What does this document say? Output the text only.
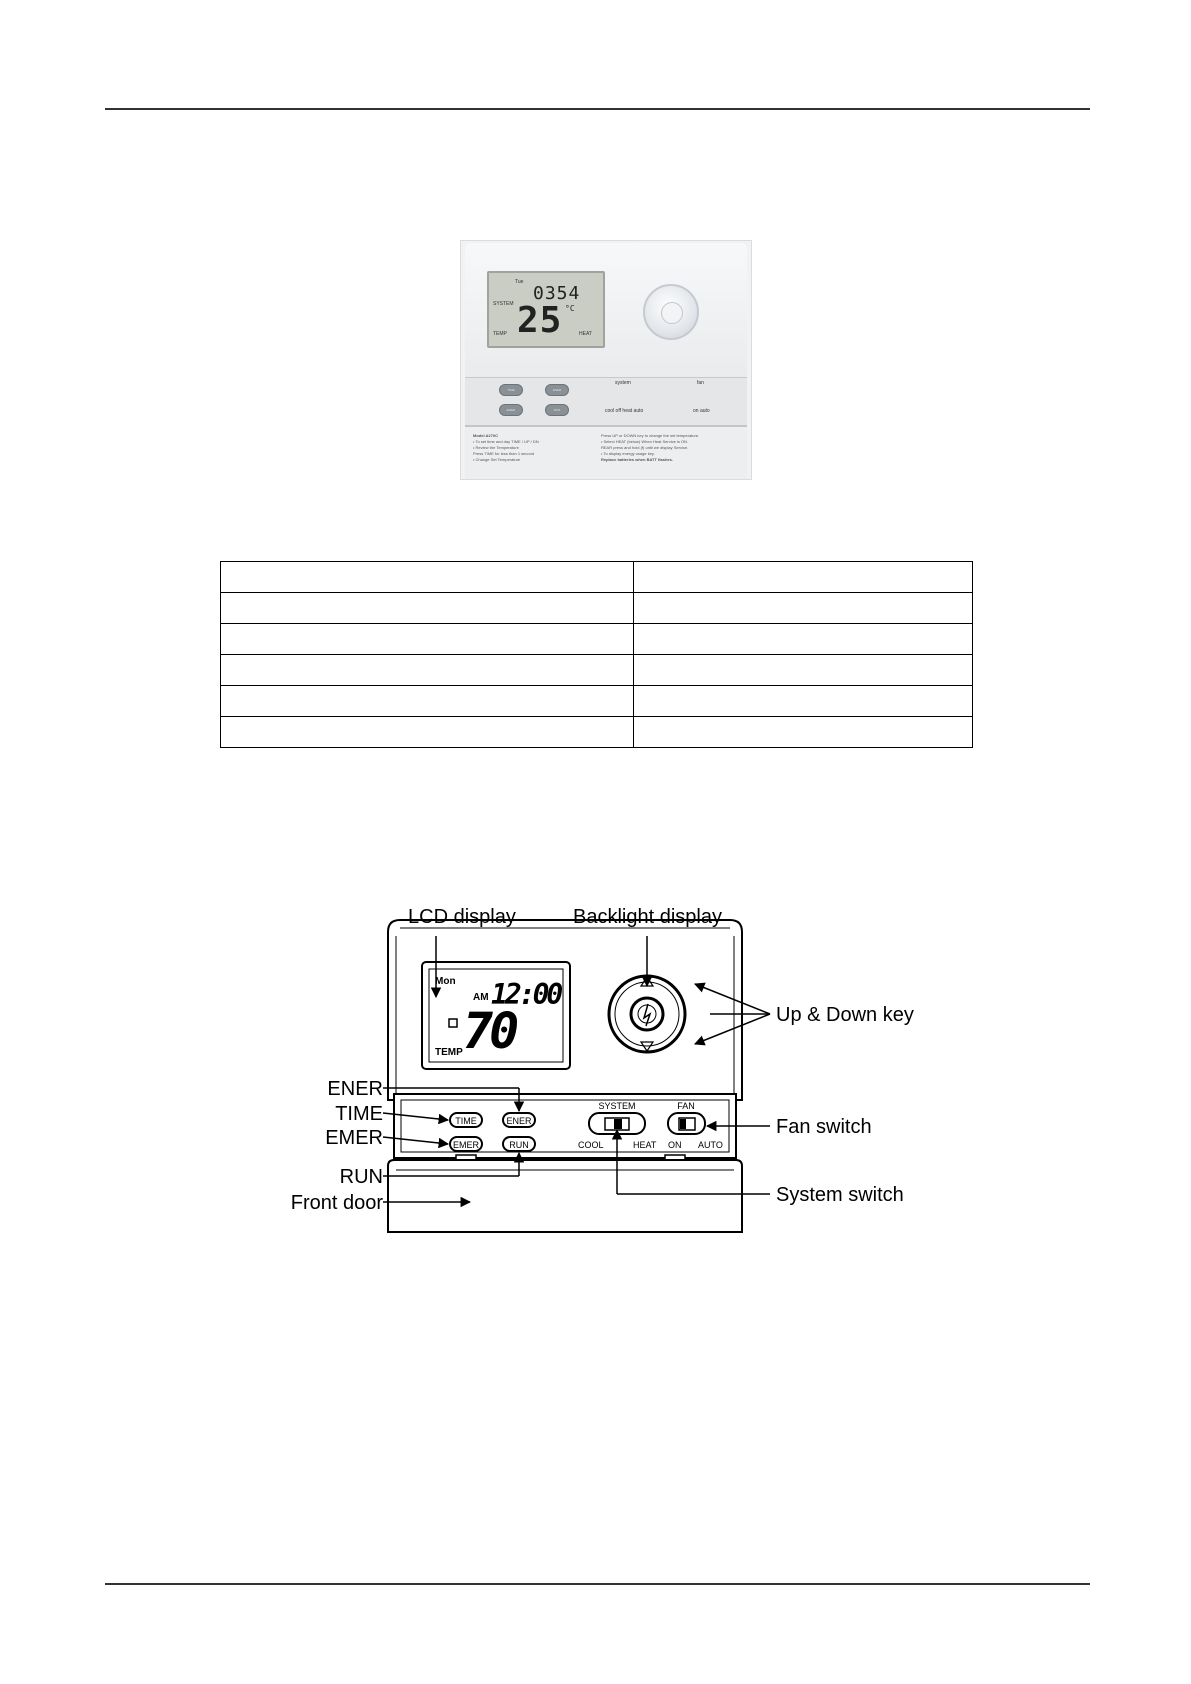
Tue
0354
SYSTEM 25 °C
TEMP	HEAT
TIME	ENER
EMER	RUN
system
cool off heat auto
fan
on auto
Model A270C
• To set time and day TIME / UP / DN
• Review the Temperature
Press TIME for less than 1 second
• Change Set Temperature
Press UP or DOWN key to change the set temperature.
• Select HEAT (below) When Heat Service is ON.
REAR press and hold (f) until we display Service.
• To display energy usage key.
Replace batteries when BATT flashes.

Mon
AM 12:00
70
TEMP
TIME	ENER
EMER	RUN
SYSTEM
COOL	HEAT
FAN
ON AUTO
LCD display	Backlight display
Up & Down key
ENER
TIME
EMER
RUN
Front door
Fan switch
System switch
